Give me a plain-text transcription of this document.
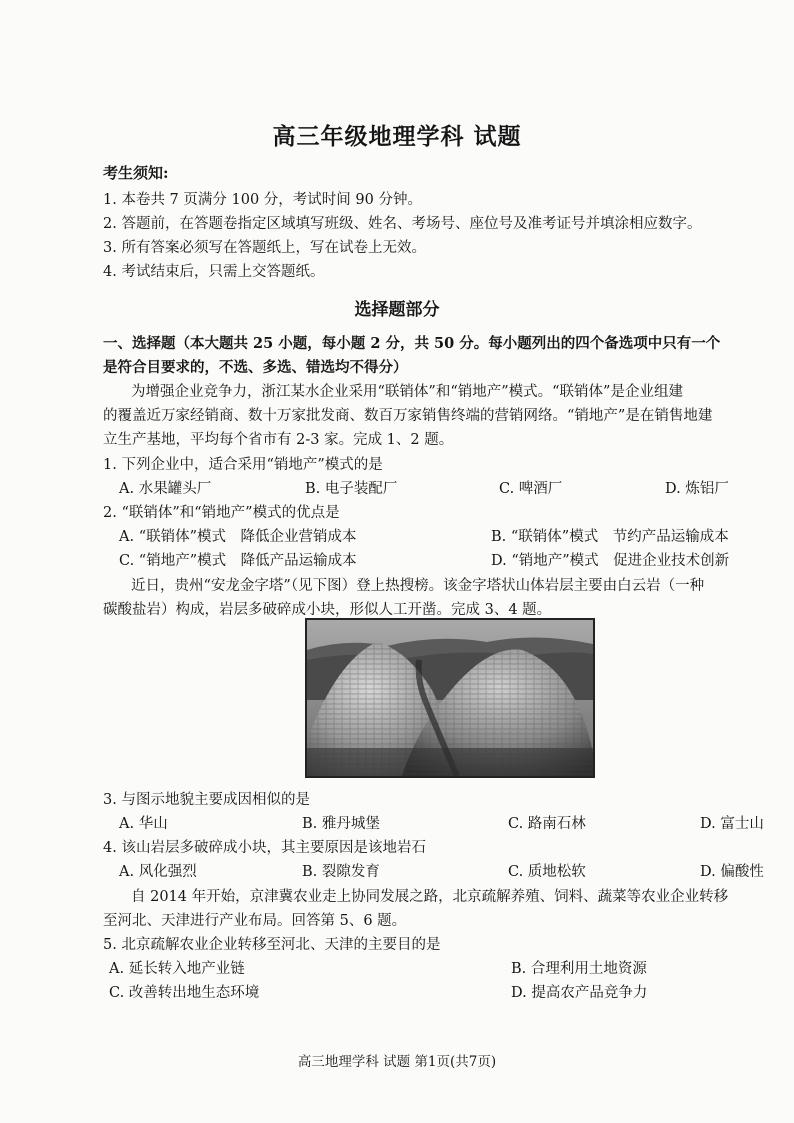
高三年级地理学科 试题
考生须知:
1. 本卷共 7 页满分 100 分，考试时间 90 分钟。
2. 答题前，在答题卷指定区域填写班级、姓名、考场号、座位号及准考证号并填涂相应数字。
3. 所有答案必须写在答题纸上，写在试卷上无效。
4. 考试结束后，只需上交答题纸。
选择题部分
一、选择题（本大题共 25 小题，每小题 2 分，共 50 分。每小题列出的四个备选项中只有一个
是符合目要求的，不选、多选、错选均不得分）
为增强企业竞争力，浙江某水企业采用“联销体”和“销地产”模式。“联销体”是企业组建
的覆盖近万家经销商、数十万家批发商、数百万家销售终端的营销网络。“销地产”是在销售地建
立生产基地，平均每个省市有 2-3 家。完成 1、2 题。
1. 下列企业中，适合采用“销地产”模式的是
A. 水果罐头厂	B. 电子装配厂	C. 啤酒厂	D. 炼铝厂
2. “联销体”和“销地产”模式的优点是
A. “联销体”模式　降低企业营销成本	B. “联销体”模式　节约产品运输成本
C. “销地产”模式　降低产品运输成本	D. “销地产”模式　促进企业技术创新
近日，贵州“安龙金字塔”（见下图）登上热搜榜。该金字塔状山体岩层主要由白云岩（一种
碳酸盐岩）构成，岩层多破碎成小块，形似人工开凿。完成 3、4 题。
3. 与图示地貌主要成因相似的是
A. 华山	B. 雅丹城堡	C. 路南石林	D. 富士山
4. 该山岩层多破碎成小块，其主要原因是该地岩石
A. 风化强烈	B. 裂隙发育	C. 质地松软	D. 偏酸性
自 2014 年开始，京津冀农业走上协同发展之路，北京疏解养殖、饲料、蔬菜等农业企业转移
至河北、天津进行产业布局。回答第 5、6 题。
5. 北京疏解农业企业转移至河北、天津的主要目的是
A. 延长转入地产业链	B. 合理利用土地资源
C. 改善转出地生态环境	D. 提高农产品竞争力
高三地理学科 试题 第1页(共7页)
